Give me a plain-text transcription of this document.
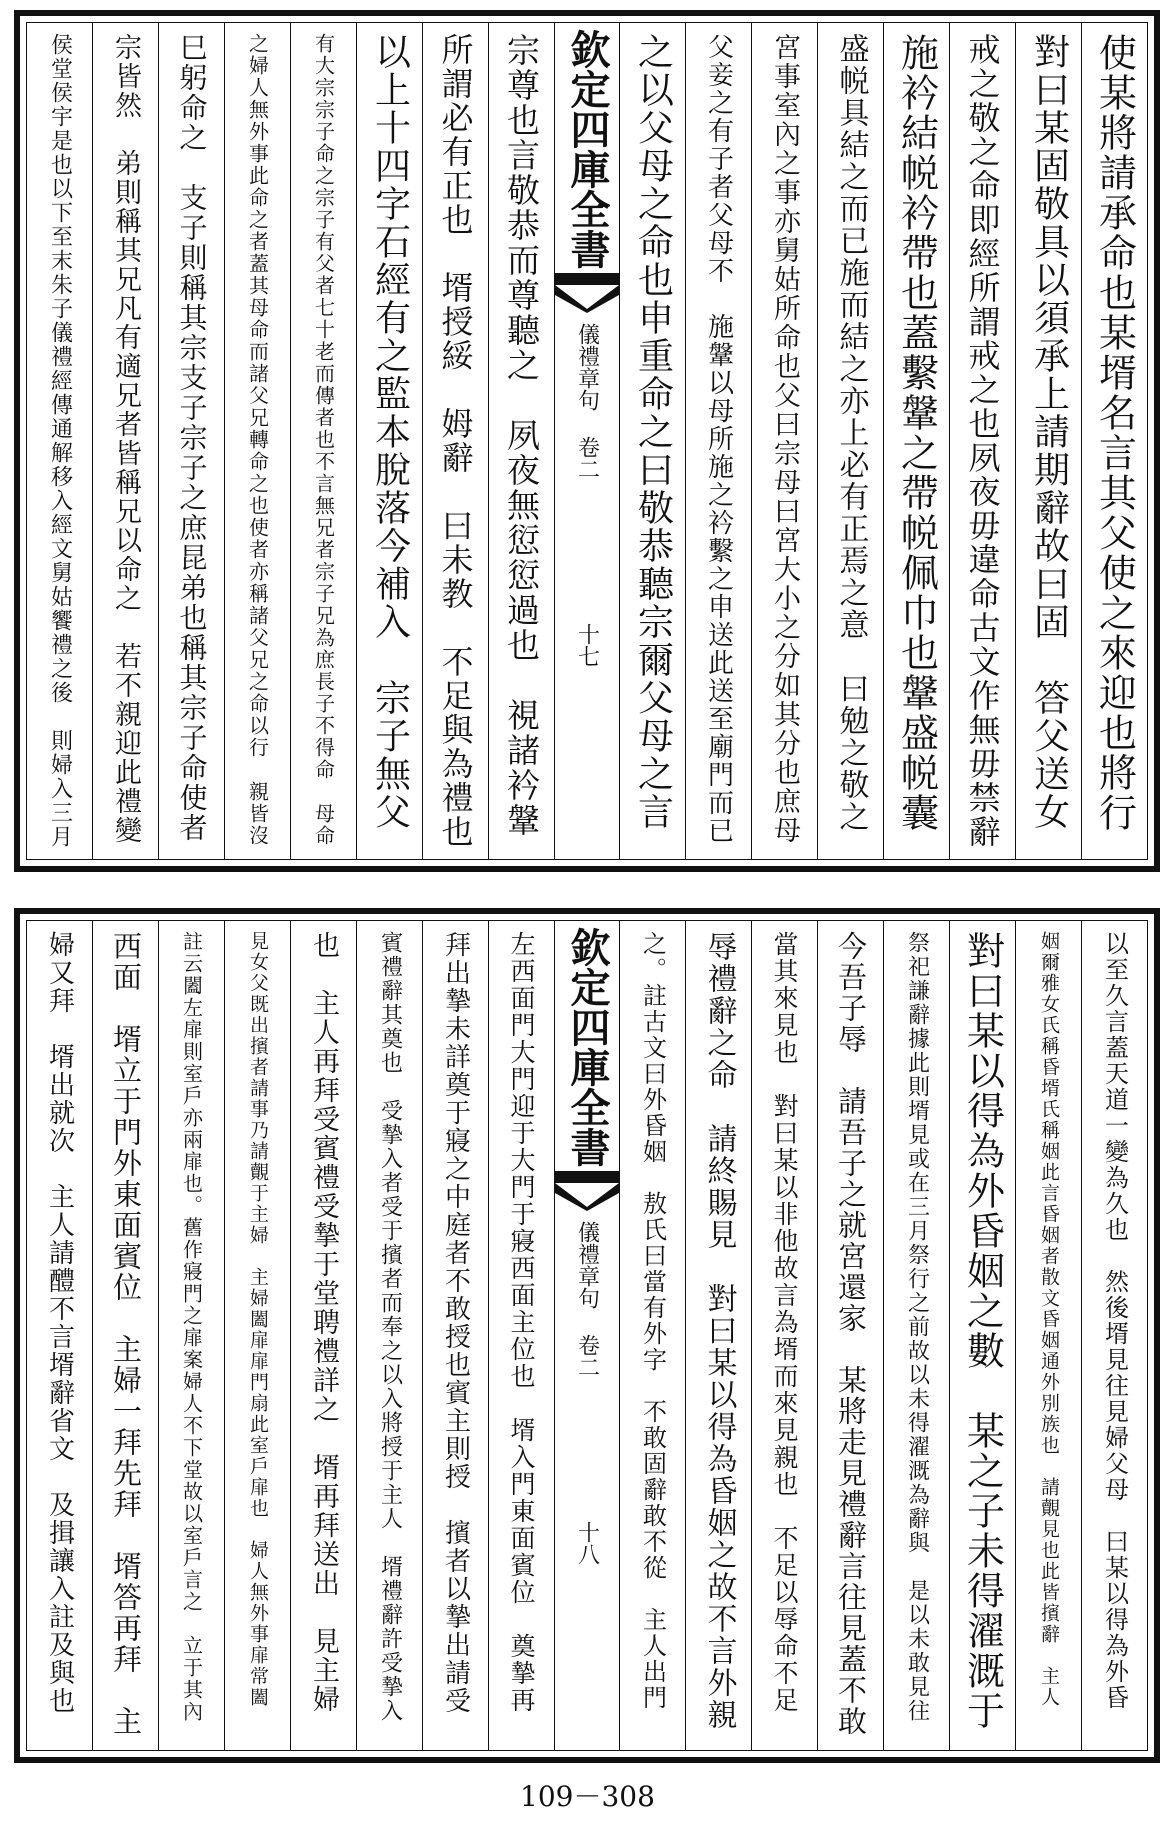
使某將請承命也某壻名言其父使之來迎也將行
對曰某固敬具以須承上請期辭故曰固　答父送女
戒之敬之命即經所謂戒之也夙夜毋違命古文作無毋禁辭
施衿結帨衿帶也蓋繫鞶之帶帨佩巾也鞶盛帨囊
盛帨具結之而已施而結之亦上必有正焉之意　曰勉之敬之
宮事室內之事亦舅姑所命也父曰宗母曰宮大小之分如其分也庶母
父妾之有子者父母不　施鞶以母所施之衿繫之申送此送至廟門而已
之以父母之命也申重命之曰敬恭聽宗爾父母之言
欽定四庫全書
儀禮章句 卷二
十七
宗尊也言敬恭而尊聽之　夙夜無愆愆過也　視諸衿鞶
所謂必有正也　壻授綏　姆辭　曰未教　不足與為禮也
以上十四字石經有之監本脫落今補入　宗子無父
有大宗宗子命之宗子有父者七十老而傳者也不言無兄者宗子兄為庶長子不得命　母命
之婦人無外事此命之者蓋其母命而諸父兄轉命之也使者亦稱諸父兄之命以行　親皆沒
巳躬命之　支子則稱其宗支子宗子之庶昆弟也稱其宗子命使者
宗皆然　弟則稱其兄凡有適兄者皆稱兄以命之　若不親迎此禮變
侯堂侯宇是也以下至末朱子儀禮經傳通解移入經文舅姑饗禮之後　則婦入三月
以至久言蓋天道一變為久也　然後壻見往見婦父母　曰某以得為外昏
姻爾雅女氏稱昏壻氏稱姻此言昏姻者散文昏姻通外別族也　請覿見也此皆擯辭　主人
對曰某以得為外昏姻之數　某之子未得濯溉于
祭祀謙辭據此則壻見或在三月祭行之前故以未得濯溉為辭與　是以未敢見往
今吾子辱　請吾子之就宮還家　某將走見禮辭言往見蓋不敢
當其來見也　對曰某以非他故言為壻而來見親也　不足以辱命不足
辱禮辭之命　請終賜見　對曰某以得為昏姻之故不言外親
之。註古文曰外昏姻　敖氏曰當有外字　不敢固辭敢不從　主人出門
欽定四庫全書
儀禮章句 卷二
十八
左西面門大門迎于大門于寢西面主位也　壻入門東面賓位　奠摯再
拜出摯未詳奠于寢之中庭者不敢授也賓主則授　擯者以摯出請受
賓禮辭其奠也　受摯入者受于擯者而奉之以入將授于主人　壻禮辭許受摯入
也　主人再拜受賓禮受摯于堂聘禮詳之　壻再拜送出　見主婦
見女父既出擯者請事乃請覿于主婦　主婦闔扉扉門扇此室戶扉也　婦人無外事扉常闔
註云闔左扉則室戶亦兩扉也。舊作寢門之扉案婦人不下堂故以室戶言之　立于其內
西面　壻立于門外東面賓位　主婦一拜先拜　壻答再拜　主
婦又拜　壻出就次　主人請醴不言壻辭省文　及揖讓入註及與也
109－308
